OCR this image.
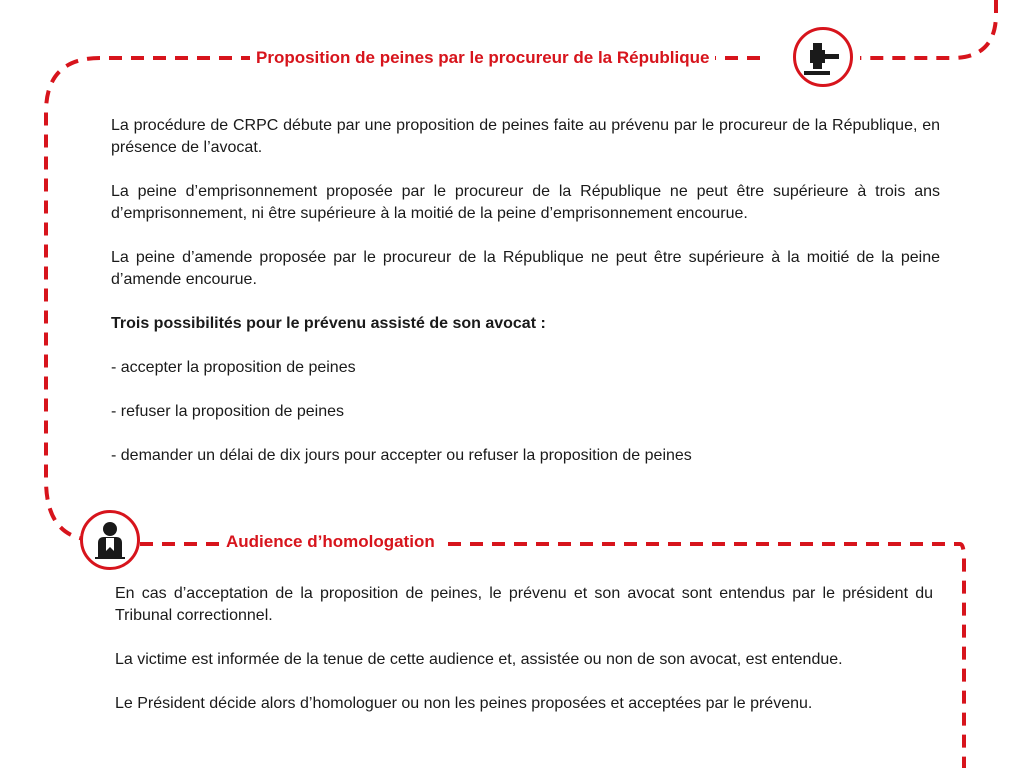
Proposition de peines par le procureur de la République

La procédure de CRPC débute par une proposition de peines faite au prévenu par le procureur de la République, en présence de l’avocat.

La peine d’emprisonnement proposée par le procureur de la République ne peut être supérieure à trois ans d’emprisonnement, ni être supérieure à la moitié de la peine d’emprisonnement encourue.

La peine d’amende proposée par le procureur de la République ne peut être supérieure à la moitié de la peine d’amende encourue.

Trois possibilités pour le prévenu assisté de son avocat :

- accepter la proposition de peines

- refuser la proposition de peines

- demander un délai de dix jours pour accepter ou refuser la proposition de peines

Audience d’homologation

En cas d’acceptation de la proposition de peines, le prévenu et son avocat sont entendus par le président du Tribunal correctionnel.

La victime est informée de la tenue de cette audience et, assistée ou non de son avocat, est entendue.

Le Président décide alors d’homologuer ou non les peines proposées et acceptées par le prévenu.
